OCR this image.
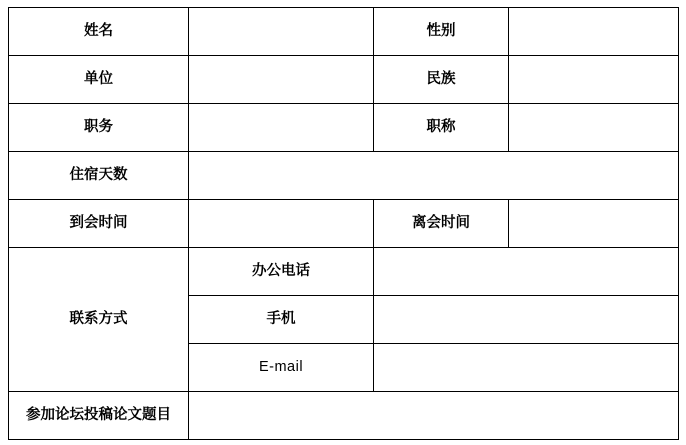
姓名		性别	
单位		民族	
职务		职称	
住宿天数			
到会时间		离会时间	
联系方式	办公电话		
	手机		
	E-mail		

参加论坛投稿论文题目			
